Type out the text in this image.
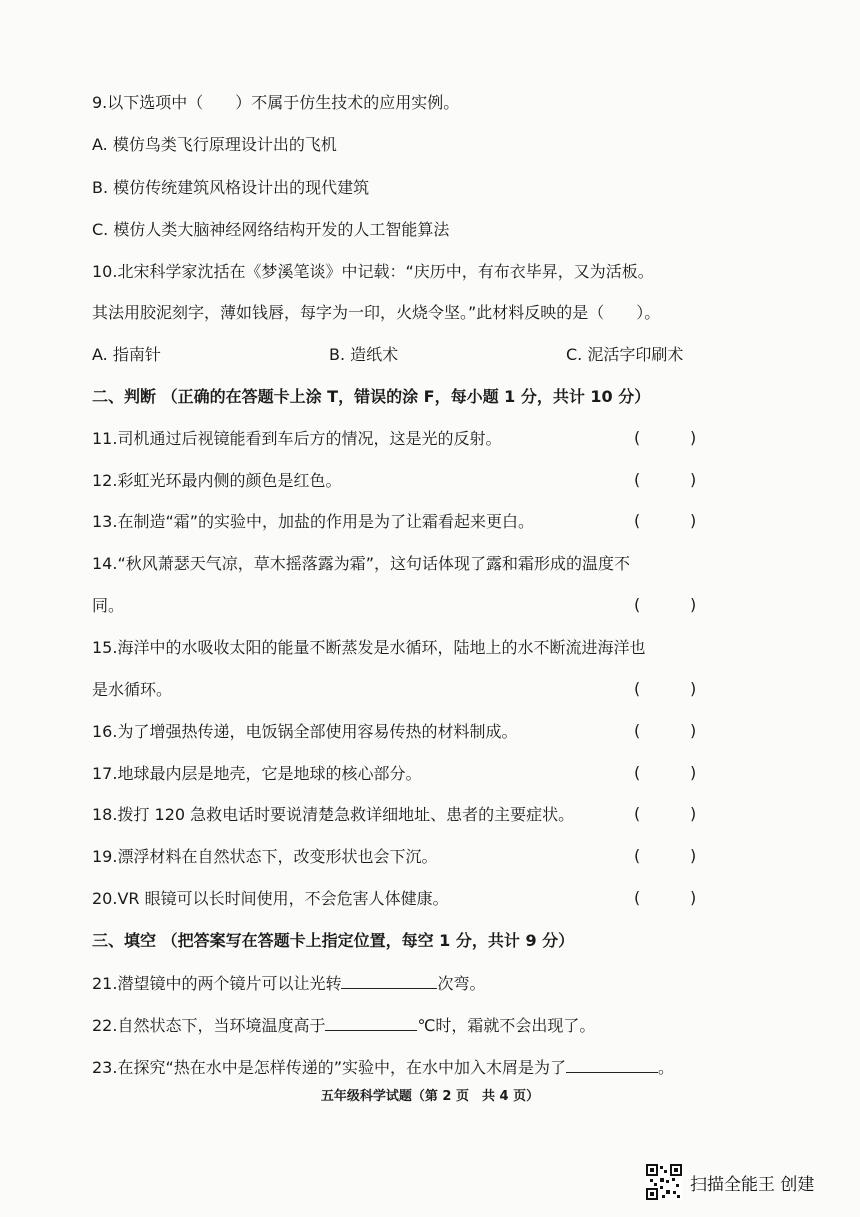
9.以下选项中（　　）不属于仿生技术的应用实例。
A. 模仿鸟类飞行原理设计出的飞机
B. 模仿传统建筑风格设计出的现代建筑
C. 模仿人类大脑神经网络结构开发的人工智能算法
10.北宋科学家沈括在《梦溪笔谈》中记载：“庆历中，有布衣毕昇，又为活板。
其法用胶泥刻字，薄如钱唇，每字为一印，火烧令坚。”此材料反映的是（　　）。
A. 指南针	B. 造纸术	C. 泥活字印刷术
二、判断 （正确的在答题卡上涂 T，错误的涂 F，每小题 1 分，共计 10 分）
11.司机通过后视镜能看到车后方的情况，这是光的反射。	(	)
12.彩虹光环最内侧的颜色是红色。	(	)
13.在制造“霜”的实验中，加盐的作用是为了让霜看起来更白。	(	)
14.“秋风萧瑟天气凉，草木摇落露为霜”，这句话体现了露和霜形成的温度不
同。	(	)
15.海洋中的水吸收太阳的能量不断蒸发是水循环，陆地上的水不断流进海洋也
是水循环。	(	)
16.为了增强热传递，电饭锅全部使用容易传热的材料制成。	(	)
17.地球最内层是地壳，它是地球的核心部分。	(	)
18.拨打 120 急救电话时要说清楚急救详细地址、患者的主要症状。	(	)
19.漂浮材料在自然状态下，改变形状也会下沉。	(	)
20.VR 眼镜可以长时间使用，不会危害人体健康。	(	)
三、填空 （把答案写在答题卡上指定位置，每空 1 分，共计 9 分）
21.潜望镜中的两个镜片可以让光转	次弯。
22.自然状态下，当环境温度高于	℃时，霜就不会出现了。
23.在探究“热在水中是怎样传递的”实验中，在水中加入木屑是为了	。
五年级科学试题（第 2 页　共 4 页）
扫描全能王 创建
